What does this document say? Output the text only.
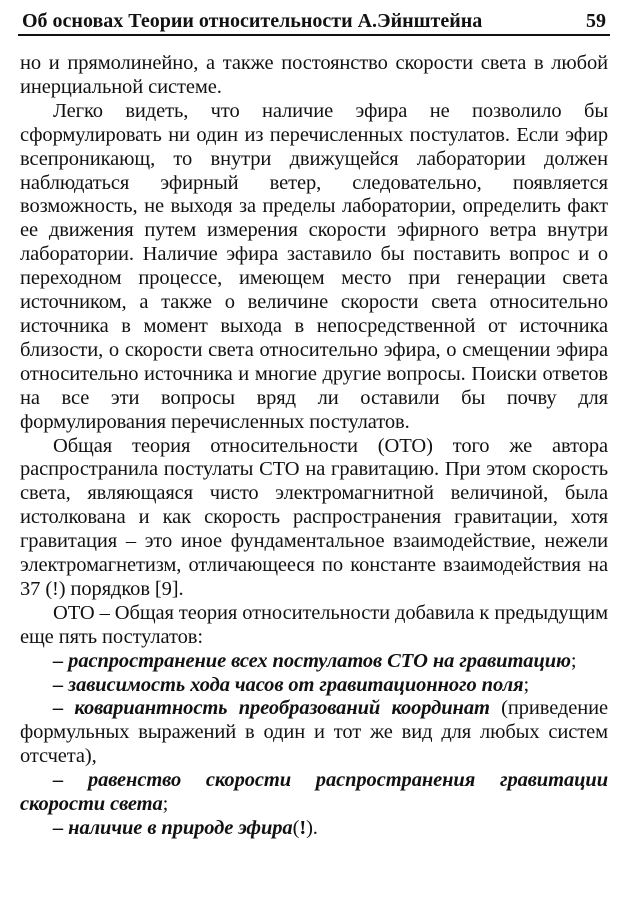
Об основах Теории относительности А.Эйнштейна	59

но и прямолинейно, а также постоянство скорости света в любой инерциальной системе.

Легко видеть, что наличие эфира не позволило бы сформулировать ни один из перечисленных постулатов. Если эфир всепроникающ, то внутри движущейся лаборатории должен наблюдаться эфирный ветер, следовательно, появляется возможность, не выходя за пределы лаборатории, определить факт ее движения путем измерения скорости эфирного ветра внутри лаборатории. Наличие эфира заставило бы поставить вопрос и о переходном процессе, имеющем место при генерации света источником, а также о величине скорости света относительно источника в момент выхода в непосредственной от источника близости, о скорости света относительно эфира, о смещении эфира относительно источника и многие другие вопросы. Поиски ответов на все эти вопросы вряд ли оставили бы почву для формулирования перечисленных постулатов.

Общая теория относительности (ОТО) того же автора распространила постулаты СТО на гравитацию. При этом скорость света, являющаяся чисто электромагнитной величиной, была истолкована и как скорость распространения гравитации, хотя гравитация – это иное фундаментальное взаимодействие, нежели электромагнетизм, отличающееся по константе взаимодействия на 37 (!) порядков [9].

ОТО – Общая теория относительности добавила к предыдущим еще пять постулатов:

– распространение всех постулатов СТО на гравитацию;

– зависимость хода часов от гравитационного поля;

– ковариантность преобразований координат (приведение формульных выражений в один и тот же вид для любых систем отсчета),

– равенство скорости распространения гравитации скорости света;

– наличие в природе эфира(!).
